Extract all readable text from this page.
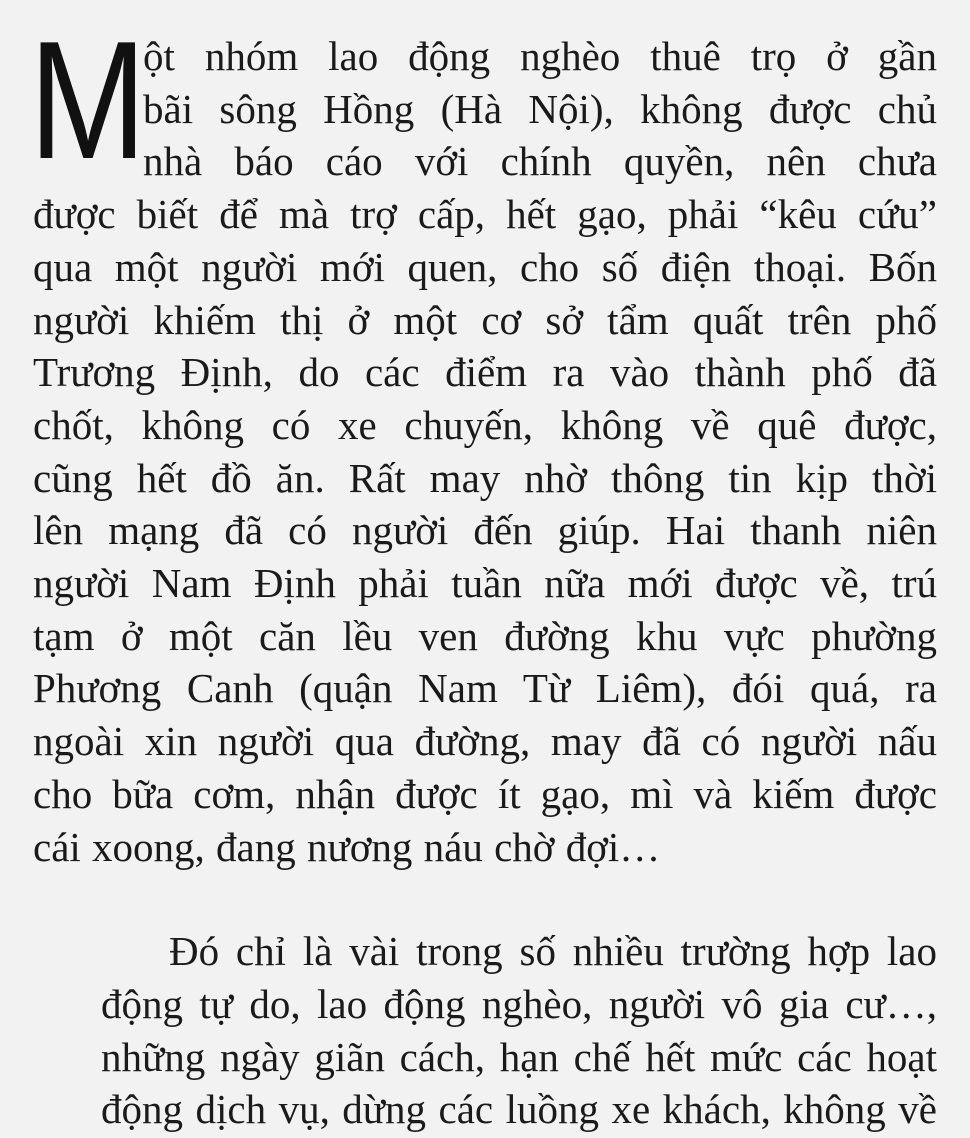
M
ột nhóm lao động nghèo thuê trọ ở gần
bãi sông Hồng (Hà Nội), không được chủ
nhà báo cáo với chính quyền, nên chưa
được biết để mà trợ cấp, hết gạo, phải “kêu cứu”
qua một người mới quen, cho số điện thoại. Bốn
người khiếm thị ở một cơ sở tẩm quất trên phố
Trương Định, do các điểm ra vào thành phố đã
chốt, không có xe chuyến, không về quê được,
cũng hết đồ ăn. Rất may nhờ thông tin kịp thời
lên mạng đã có người đến giúp. Hai thanh niên
người Nam Định phải tuần nữa mới được về, trú
tạm ở một căn lều ven đường khu vực phường
Phương Canh (quận Nam Từ Liêm), đói quá, ra
ngoài xin người qua đường, may đã có người nấu
cho bữa cơm, nhận được ít gạo, mì và kiếm được
cái xoong, đang nương náu chờ đợi…
Đó chỉ là vài trong số nhiều trường hợp lao
động tự do, lao động nghèo, người vô gia cư…,
những ngày giãn cách, hạn chế hết mức các hoạt
động dịch vụ, dừng các luồng xe khách, không về
